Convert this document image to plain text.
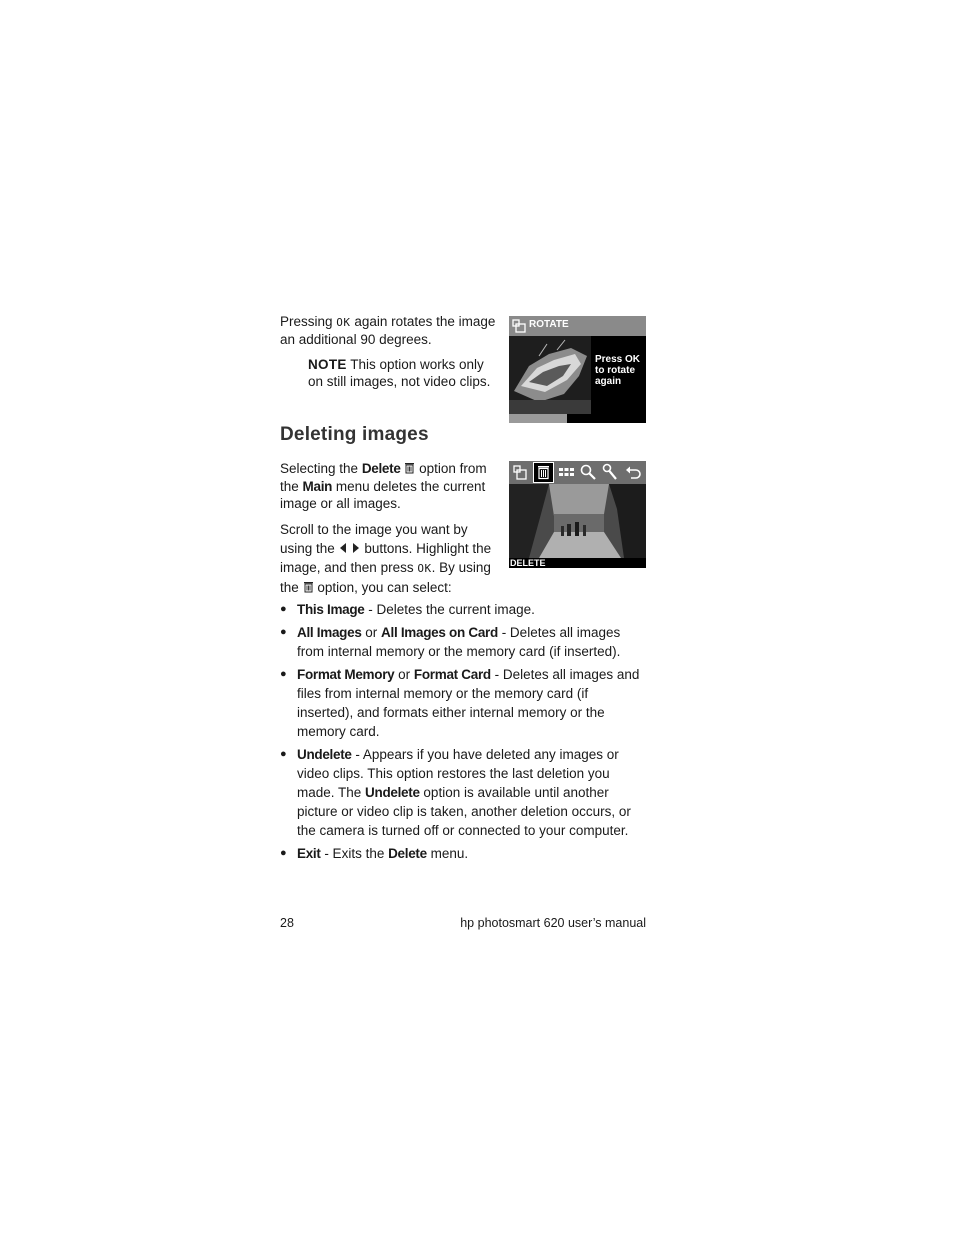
Pressing OK again rotates the image an additional 90 degrees.
NOTE This option works only on still images, not video clips.
ROTATE
Press OK
to rotate
again
Deleting images
Selecting the Delete option from the Main menu deletes the current image or all images.
Scroll to the image you want by using the buttons. Highlight the image, and then press OK. By using the option, you can select:
DELETE
● This Image - Deletes the current image.
● All Images or All Images on Card - Deletes all images from internal memory or the memory card (if inserted).
● Format Memory or Format Card - Deletes all images and files from internal memory or the memory card (if inserted), and formats either internal memory or the memory card.
● Undelete - Appears if you have deleted any images or video clips. This option restores the last deletion you made. The Undelete option is available until another picture or video clip is taken, another deletion occurs, or the camera is turned off or connected to your computer.
● Exit - Exits the Delete menu.
28	hp photosmart 620 user’s manual
